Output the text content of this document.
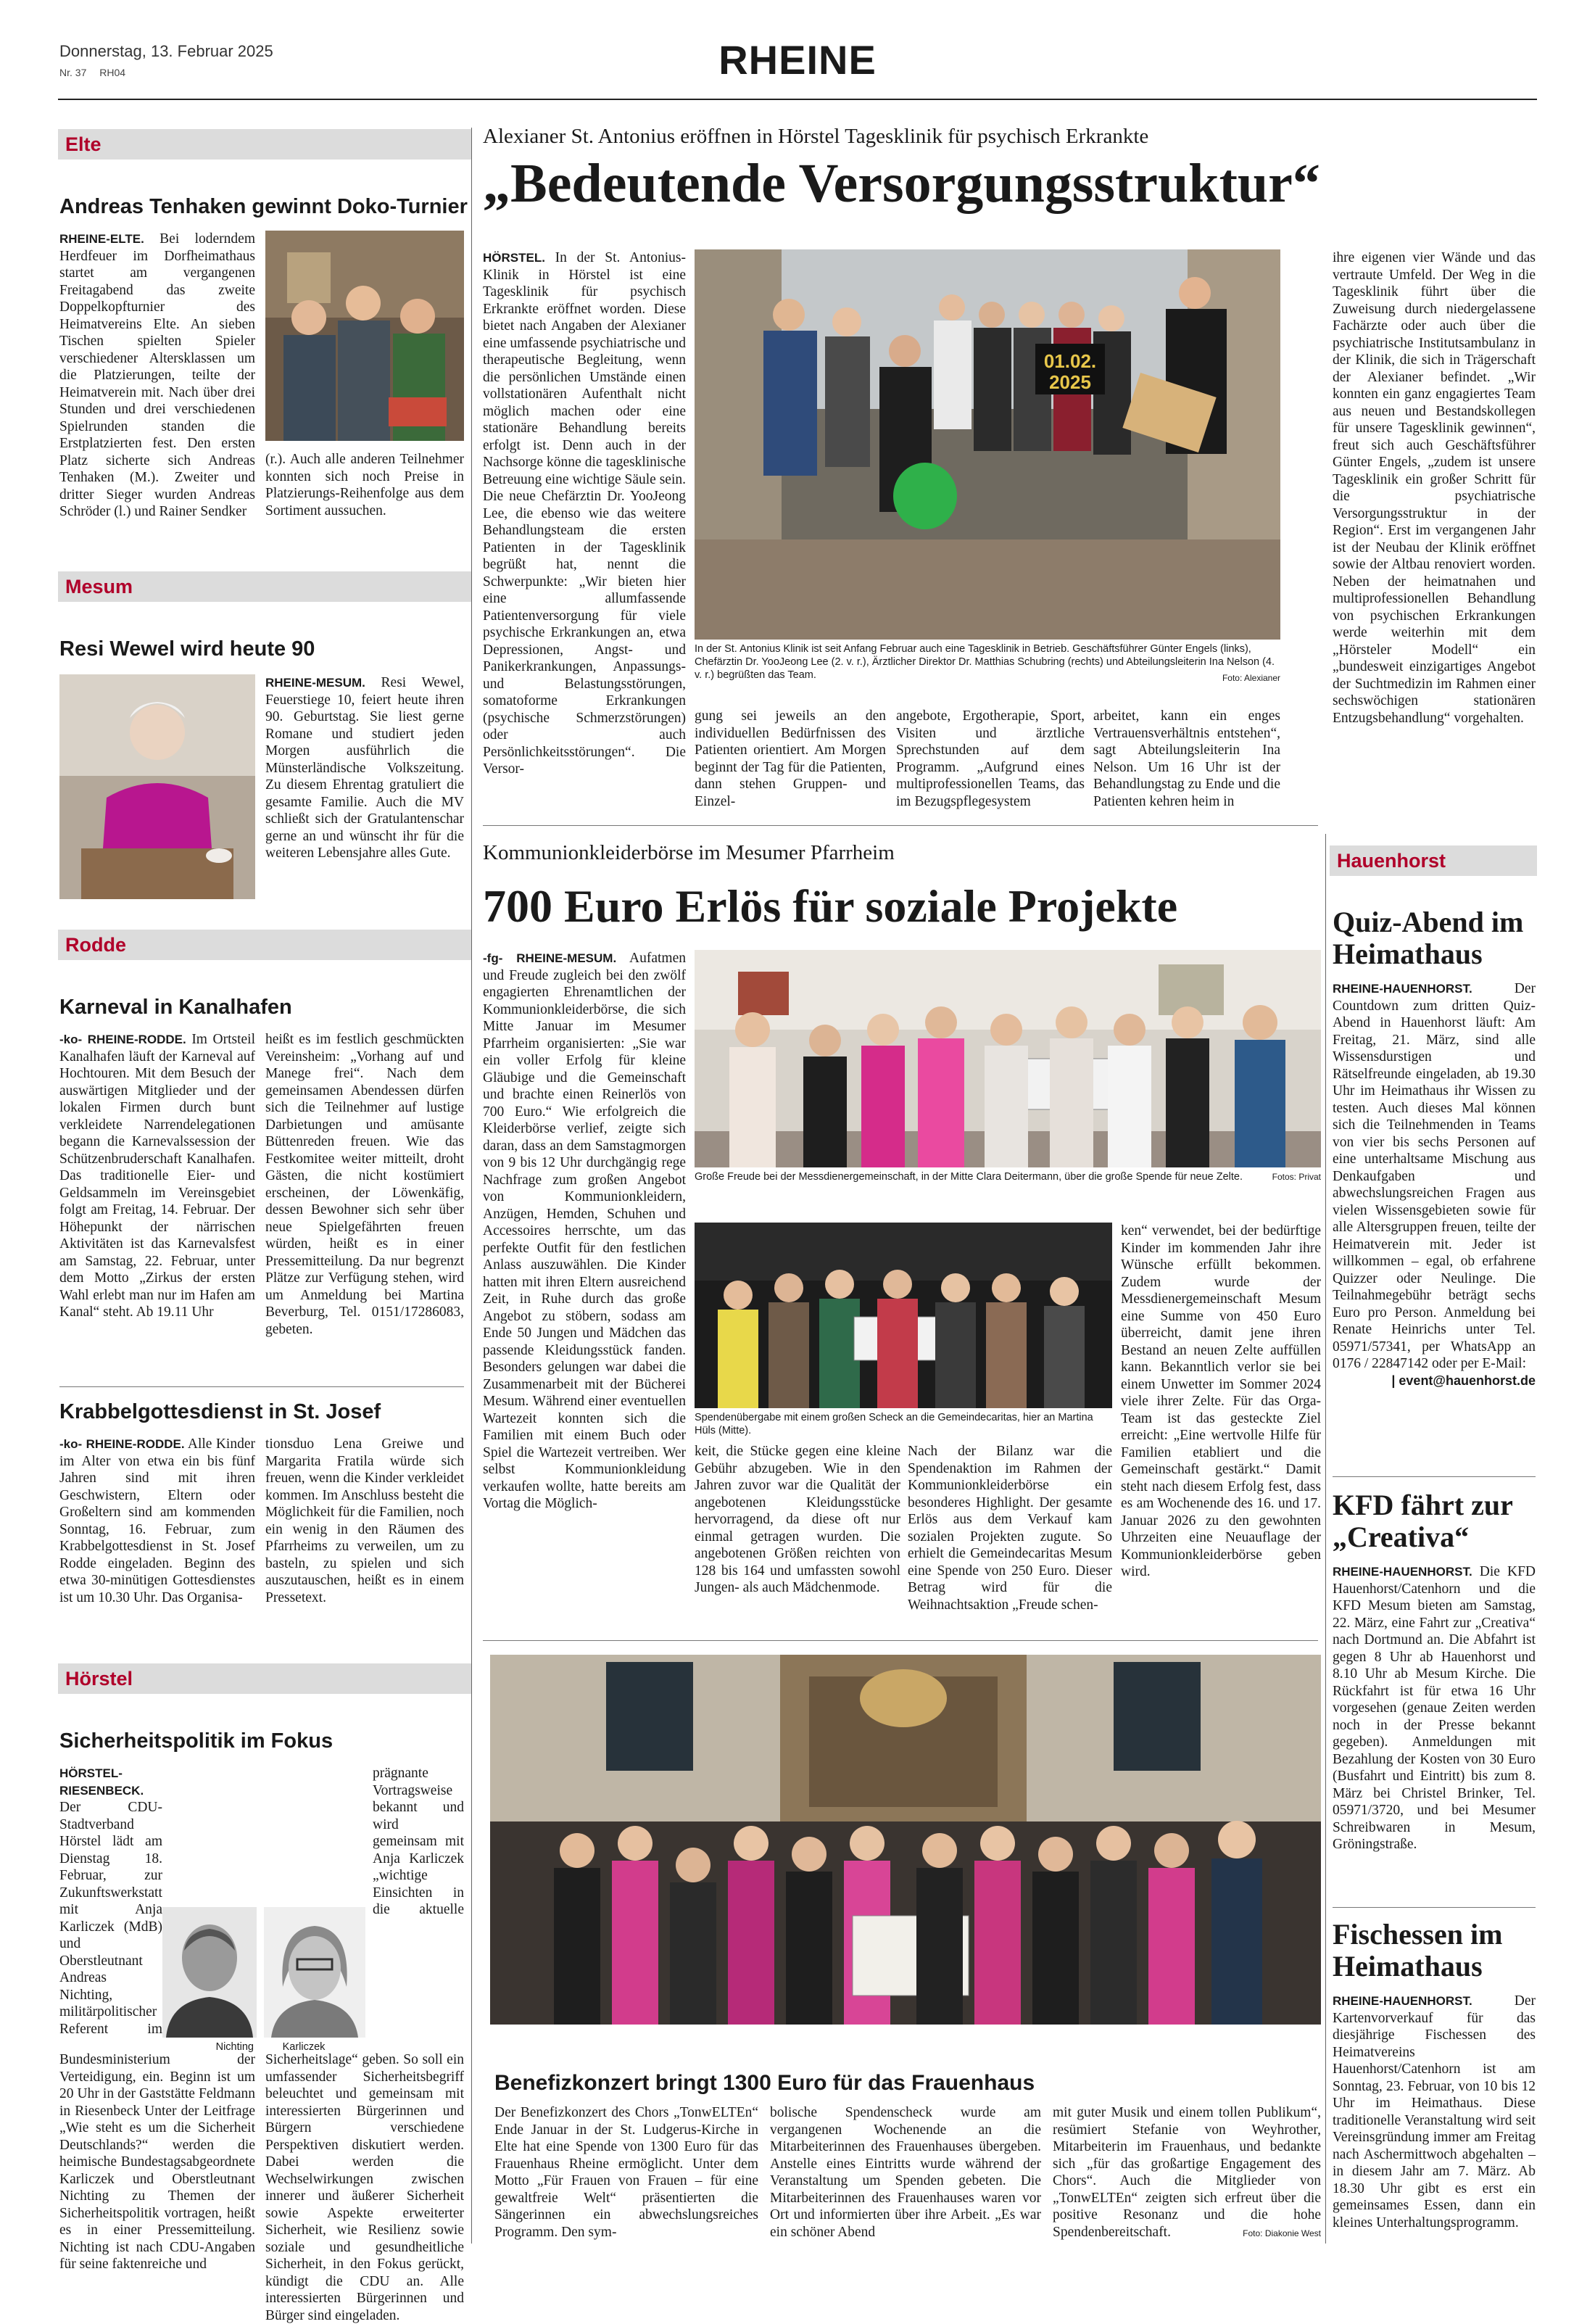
Donnerstag, 13. Februar 2025
Nr. 37 RH04	RHEINE
Elte
Andreas Tenhaken gewinnt Doko-Turnier
RHEINE-ELTE. Bei loderndem Herdfeuer im Dorfheimathaus startet am vergangenen Freitagabend das zweite Doppelkopfturnier des Heimatvereins Elte. An sieben Tischen spielten Spieler verschiedener Altersklassen um die Platzierungen, teilte der Heimatverein mit. Nach über drei Stunden und drei verschiedenen Spielrunden standen die Erstplatzierten fest. Den ersten Platz sicherte sich Andreas Tenhaken (M.). Zweiter und dritter Sieger wurden Andreas Schröder (l.) und Rainer Sendker
(r.). Auch alle anderen Teilnehmer konnten sich noch Preise in Platzierungs-Reihenfolge aus dem Sortiment aussuchen.
Mesum
Resi Wewel wird heute 90
RHEINE-MESUM. Resi Wewel, Feuerstiege 10, feiert heute ihren 90. Geburtstag. Sie liest gerne Romane und studiert jeden Morgen ausführlich die Münsterländische Volkszeitung. Zu diesem Ehrentag gratuliert die gesamte Familie. Auch die MV schließt sich der Gratulantenschar gerne an und wünscht ihr für die weiteren Lebensjahre alles Gute.
Rodde
Karneval in Kanalhafen
-ko- RHEINE-RODDE. Im Ortsteil Kanalhafen läuft der Karneval auf Hochtouren. Mit dem Besuch der auswärtigen Mitglieder und der lokalen Firmen durch bunt verkleidete Narrendelegationen begann die Karnevalssession der Schützenbruderschaft Kanalhafen. Das traditionelle Eier- und Geldsammeln im Vereinsgebiet folgt am Freitag, 14. Februar. Der Höhepunkt der närrischen Aktivitäten ist das Karnevalsfest am Samstag, 22. Februar, unter dem Motto „Zirkus der ersten Wahl erlebt man nur im Hafen am Kanal“ steht. Ab 19.11 Uhr
heißt es im festlich geschmückten Vereinsheim: „Vorhang auf und Manege frei“. Nach dem gemeinsamen Abendessen dürfen sich die Teilnehmer auf lustige Darbietungen und amüsante Büttenreden freuen. Wie das Festkomitee weiter mitteilt, droht Gästen, die nicht kostümiert erscheinen, der Löwenkäfig, dessen Bewohner sich sehr über neue Spielgefährten freuen würden, heißt es in einer Pressemitteilung. Da nur begrenzt Plätze zur Verfügung stehen, wird um Anmeldung bei Martina Beverburg, Tel. 0151/17286083, gebeten.
Krabbelgottesdienst in St. Josef
-ko- RHEINE-RODDE. Alle Kinder im Alter von etwa ein bis fünf Jahren sind mit ihren Geschwistern, Eltern oder Großeltern sind am kommenden Sonntag, 16. Februar, zum Krabbelgottesdienst in St. Josef Rodde eingeladen. Beginn des etwa 30-minütigen Gottesdienstes ist um 10.30 Uhr. Das Organisa-
tionsduo Lena Greiwe und Margarita Fratila würde sich freuen, wenn die Kinder verkleidet kommen. Im Anschluss besteht die Möglichkeit für die Familien, noch ein wenig in den Räumen des Pfarrheims zu verweilen, um zu basteln, zu spielen und sich auszutauschen, heißt es in einem Pressetext.
Hörstel
Sicherheitspolitik im Fokus
HÖRSTEL-RIESENBECK. Der CDU-Stadtverband Hörstel lädt am Dienstag 18. Februar, zur Zukunftswerkstatt mit Anja Karliczek (MdB) und Oberstleutnant Andreas Nichting, militärpolitischer Referent im Bundesministerium der Verteidigung, ein. Beginn ist um 20 Uhr in der Gaststätte Feldmann in Riesenbeck Unter der Leitfrage „Wie steht es um die Sicherheit Deutschlands?“ werden die heimische Bundestagsabgeordnete Karliczek und Oberstleutnant Nichting zu Themen der Sicherheitspolitik vortragen, heißt es in einer Pressemitteilung. Nichting ist nach CDU-Angaben für seine faktenreiche und
Nichting	Karliczek
prägnante Vortragsweise bekannt und wird gemeinsam mit Anja Karliczek „wichtige Einsichten in die aktuelle Sicherheitslage“ geben. So soll ein umfassender Sicherheitsbegriff beleuchtet und gemeinsam mit interessierten Bürgerinnen und Bürgern verschiedene Perspektiven diskutiert werden. Dabei werden die Wechselwirkungen zwischen innerer und äußerer Sicherheit sowie Aspekte erweiterter Sicherheit, wie Resilienz sowie soziale und gesundheitliche Sicherheit, in den Fokus gerückt, kündigt die CDU an. Alle interessierten Bürgerinnen und Bürger sind eingeladen.
Alexianer St. Antonius eröffnen in Hörstel Tagesklinik für psychisch Erkrankte
„Bedeutende Versorgungsstruktur“
HÖRSTEL. In der St. Antonius-Klinik in Hörstel ist eine Tagesklinik für psychisch Erkrankte eröffnet worden. Diese bietet nach Angaben der Alexianer eine umfassende psychiatrische und therapeutische Begleitung, wenn die persönlichen Umstände einen vollstationären Aufenthalt nicht möglich machen oder eine stationäre Behandlung bereits erfolgt ist. Denn auch in der Nachsorge könne die tagesklinische Betreuung eine wichtige Säule sein. Die neue Chefärztin Dr. YooJeong Lee, die ebenso wie das weitere Behandlungsteam die ersten Patienten in der Tagesklinik begrüßt hat, nennt die Schwerpunkte: „Wir bieten hier eine allumfassende Patientenversorgung für viele psychische Erkrankungen an, etwa Depressionen, Angst- und Panikerkrankungen, Anpassungs- und Belastungsstörungen, somatoforme Erkrankungen (psychische Schmerzstörungen) oder auch Persönlichkeitsstörungen“. Die Versor-
01.02.
2025
In der St. Antonius Klinik ist seit Anfang Februar auch eine Tagesklinik in Betrieb. Geschäftsführer Günter Engels (links), Chefärztin Dr. YooJeong Lee (2. v. r.), Ärztlicher Direktor Dr. Matthias Schubring (rechts) und Abteilungsleiterin Ina Nelson (4. v. r.) begrüßten das Team.	Foto: Alexianer
gung sei jeweils an den individuellen Bedürfnissen des Patienten orientiert. Am Morgen beginnt der Tag für die Patienten, dann stehen Gruppen- und Einzel-
angebote, Ergotherapie, Sport, Visiten und ärztliche Sprechstunden auf dem Programm. „Aufgrund eines multiprofessionellen Teams, das im Bezugspflegesystem
arbeitet, kann ein enges Vertrauensverhältnis entstehen“, sagt Abteilungsleiterin Ina Nelson. Um 16 Uhr ist der Behandlungstag zu Ende und die Patienten kehren heim in
ihre eigenen vier Wände und das vertraute Umfeld. Der Weg in die Tagesklinik führt über die Zuweisung durch niedergelassene Fachärzte oder auch über die psychiatrische Institutsambulanz in der Klinik, die sich in Trägerschaft der Alexianer befindet. „Wir konnten ein ganz engagiertes Team aus neuen und Bestandskollegen für unsere Tagesklinik gewinnen“, freut sich auch Geschäftsführer Günter Engels, „zudem ist unsere Tagesklinik ein großer Schritt für die psychiatrische Versorgungsstruktur in der Region“. Erst im vergangenen Jahr ist der Neubau der Klinik eröffnet sowie der Altbau renoviert worden. Neben der heimatnahen und multiprofessionellen Behandlung von psychischen Erkrankungen werde weiterhin mit dem „Hörsteler Modell“ ein „bundesweit einzigartiges Angebot der Suchtmedizin im Rahmen einer sechswöchigen stationären Entzugsbehandlung“ vorgehalten.
Kommunionkleiderbörse im Mesumer Pfarrheim
700 Euro Erlös für soziale Projekte
-fg- RHEINE-MESUM. Aufatmen und Freude zugleich bei den zwölf engagierten Ehrenamtlichen der Kommunionkleiderbörse, die sich Mitte Januar im Mesumer Pfarrheim organisierten: „Sie war ein voller Erfolg für kleine Gläubige und die Gemeinschaft und brachte einen Reinerlös von 700 Euro.“ Wie erfolgreich die Kleiderbörse verlief, zeigte sich daran, dass an dem Samstagmorgen von 9 bis 12 Uhr durchgängig rege Nachfrage zum großen Angebot von Kommunionkleidern, Anzügen, Hemden, Schuhen und Accessoires herrschte, um das perfekte Outfit für den festlichen Anlass auszuwählen. Die Kinder hatten mit ihren Eltern ausreichend Zeit, in Ruhe durch das große Angebot zu stöbern, sodass am Ende 50 Jungen und Mädchen das passende Kleidungsstück fanden. Besonders gelungen war dabei die Zusammenarbeit mit der Bücherei Mesum. Während einer eventuellen Wartezeit konnten sich die Familien mit einem Buch oder Spiel die Wartezeit vertreiben. Wer selbst Kommunionkleidung verkaufen wollte, hatte bereits am Vortag die Möglich-
Große Freude bei der Messdienergemeinschaft, in der Mitte Clara Deitermann, über die große Spende für neue Zelte.	Fotos: Privat
Spendenübergabe mit einem großen Scheck an die Gemeindecaritas, hier an Martina Hüls (Mitte).
keit, die Stücke gegen eine kleine Gebühr abzugeben. Wie in den Jahren zuvor war die Qualität der angebotenen Kleidungsstücke hervorragend, da diese oft nur einmal getragen wurden. Die angebotenen Größen reichten von 128 bis 164 und umfassten sowohl Jungen- als auch Mädchenmode.
Nach der Bilanz war die Spendenaktion im Rahmen der Kommunionkleiderbörse ein besonderes Highlight. Der gesamte Erlös aus dem Verkauf kam sozialen Projekten zugute. So erhielt die Gemeindecaritas Mesum eine Spende von 250 Euro. Dieser Betrag wird für die Weihnachtsaktion „Freude schen-
ken“ verwendet, bei der bedürftige Kinder im kommenden Jahr ihre Wünsche erfüllt bekommen. Zudem wurde der Messdienergemeinschaft Mesum eine Summe von 450 Euro überreicht, damit jene ihren Bestand an neuen Zelte auffüllen kann. Bekanntlich verlor sie bei einem Unwetter im Sommer 2024 viele ihrer Zelte. Für das Orga-Team ist das gesteckte Ziel erreicht: „Eine wertvolle Hilfe für Familien etabliert und die Gemeinschaft gestärkt.“ Damit steht nach diesem Erfolg fest, dass es am Wochenende des 16. und 17. Januar 2026 zu den gewohnten Uhrzeiten eine Neuauflage der Kommunionkleiderbörse geben wird.
Benefizkonzert bringt 1300 Euro für das Frauenhaus
Der Benefizkonzert des Chors „TonwELTEn“ Ende Januar in der St. Ludgerus-Kirche in Elte hat eine Spende von 1300 Euro für das Frauenhaus Rheine ermöglicht. Unter dem Motto „Für Frauen von Frauen – für eine gewaltfreie Welt“ präsentierten die Sängerinnen ein abwechslungsreiches Programm. Den sym-
bolische Spendenscheck wurde am vergangenen Wochenende an die Mitarbeiterinnen des Frauenhauses übergeben. Anstelle eines Eintritts wurde während der Veranstaltung um Spenden gebeten. Die Mitarbeiterinnen des Frauenhauses waren vor Ort und informierten über ihre Arbeit. „Es war ein schöner Abend
mit guter Musik und einem tollen Publikum“, resümiert Stefanie von Weyhrother, Mitarbeiterin im Frauenhaus, und bedankte sich „für das großartige Engagement des Chors“. Auch die Mitglieder von „TonwELTEn“ zeigten sich erfreut über die positive Resonanz und die hohe Spendenbereitschaft.	Foto: Diakonie West
Hauenhorst
Quiz-Abend im Heimathaus
RHEINE-HAUENHORST.	Der Countdown zum dritten Quiz-Abend in Hauenhorst läuft: Am Freitag, 21. März, sind alle Wissensdurstigen und Rätselfreunde eingeladen, ab 19.30 Uhr im Heimathaus ihr Wissen zu testen. Auch dieses Mal können sich die Teilnehmenden in Teams von vier bis sechs Personen auf eine unterhaltsame Mischung aus Denkaufgaben und abwechslungsreichen Fragen aus vielen Wissensgebieten sowie für alle Altersgruppen freuen, teilte der Heimatverein mit. Jeder ist willkommen – egal, ob erfahrene Quizzer oder Neulinge. Die Teilnahmegebühr beträgt sechs Euro pro Person. Anmeldung bei Renate Heinrichs unter Tel. 05971/57341, per WhatsApp an 0176 / 22847142 oder per E-Mail:
| event@hauenhorst.de
KFD fährt zur „Creativa“
RHEINE-HAUENHORST. Die KFD Hauenhorst/Catenhorn und die KFD Mesum bieten am Samstag, 22. März, eine Fahrt zur „Creativa“ nach Dortmund an. Die Abfahrt ist gegen 8 Uhr ab Hauenhorst und 8.10 Uhr ab Mesum Kirche. Die Rückfahrt ist für etwa 16 Uhr vorgesehen (genaue Zeiten werden noch in der Presse bekannt gegeben). Anmeldungen mit Bezahlung der Kosten von 30 Euro (Busfahrt und Eintritt) bis zum 8. März bei Christel Brinker, Tel. 05971/3720, und bei Mesumer Schreibwaren in Mesum, Gröningstraße.
Fischessen im Heimathaus
RHEINE-HAUENHORST.	Der Kartenvorverkauf für das diesjährige Fischessen des Heimatvereins Hauenhorst/Catenhorn ist am Sonntag, 23. Februar, von 10 bis 12 Uhr im Heimathaus. Diese traditionelle Veranstaltung wird seit Vereinsgründung immer am Freitag nach Aschermittwoch abgehalten – in diesem Jahr am 7. März. Ab 18.30 Uhr gibt es erst ein gemeinsames Essen, dann ein kleines Unterhaltungsprogramm.
